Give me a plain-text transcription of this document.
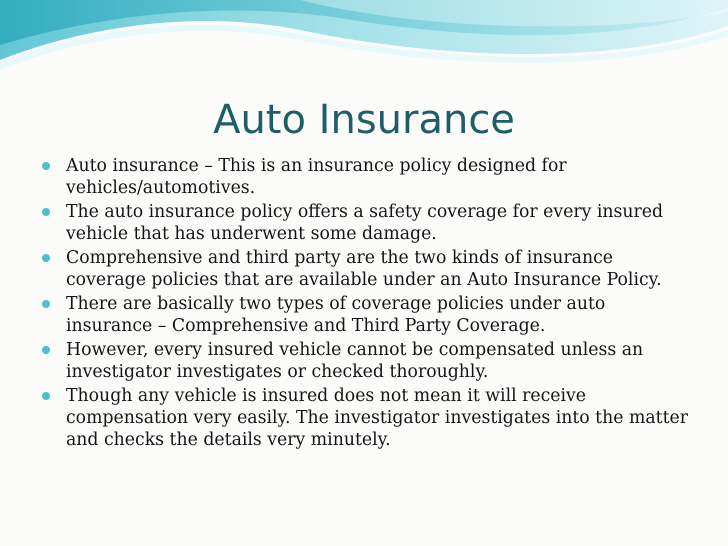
Auto Insurance
Auto insurance – This is an insurance policy designed for vehicles/automotives.
The auto insurance policy offers a safety coverage for every insured vehicle that has underwent some damage.
Comprehensive and third party are the two kinds of insurance coverage policies that are available under an Auto Insurance Policy.
There are basically two types of coverage policies under auto insurance – Comprehensive and Third Party Coverage.
However, every insured vehicle cannot be compensated unless an investigator investigates or checked thoroughly.
Though any vehicle is insured does not mean it will receive compensation very easily. The investigator investigates into the matter and checks the details very minutely.
